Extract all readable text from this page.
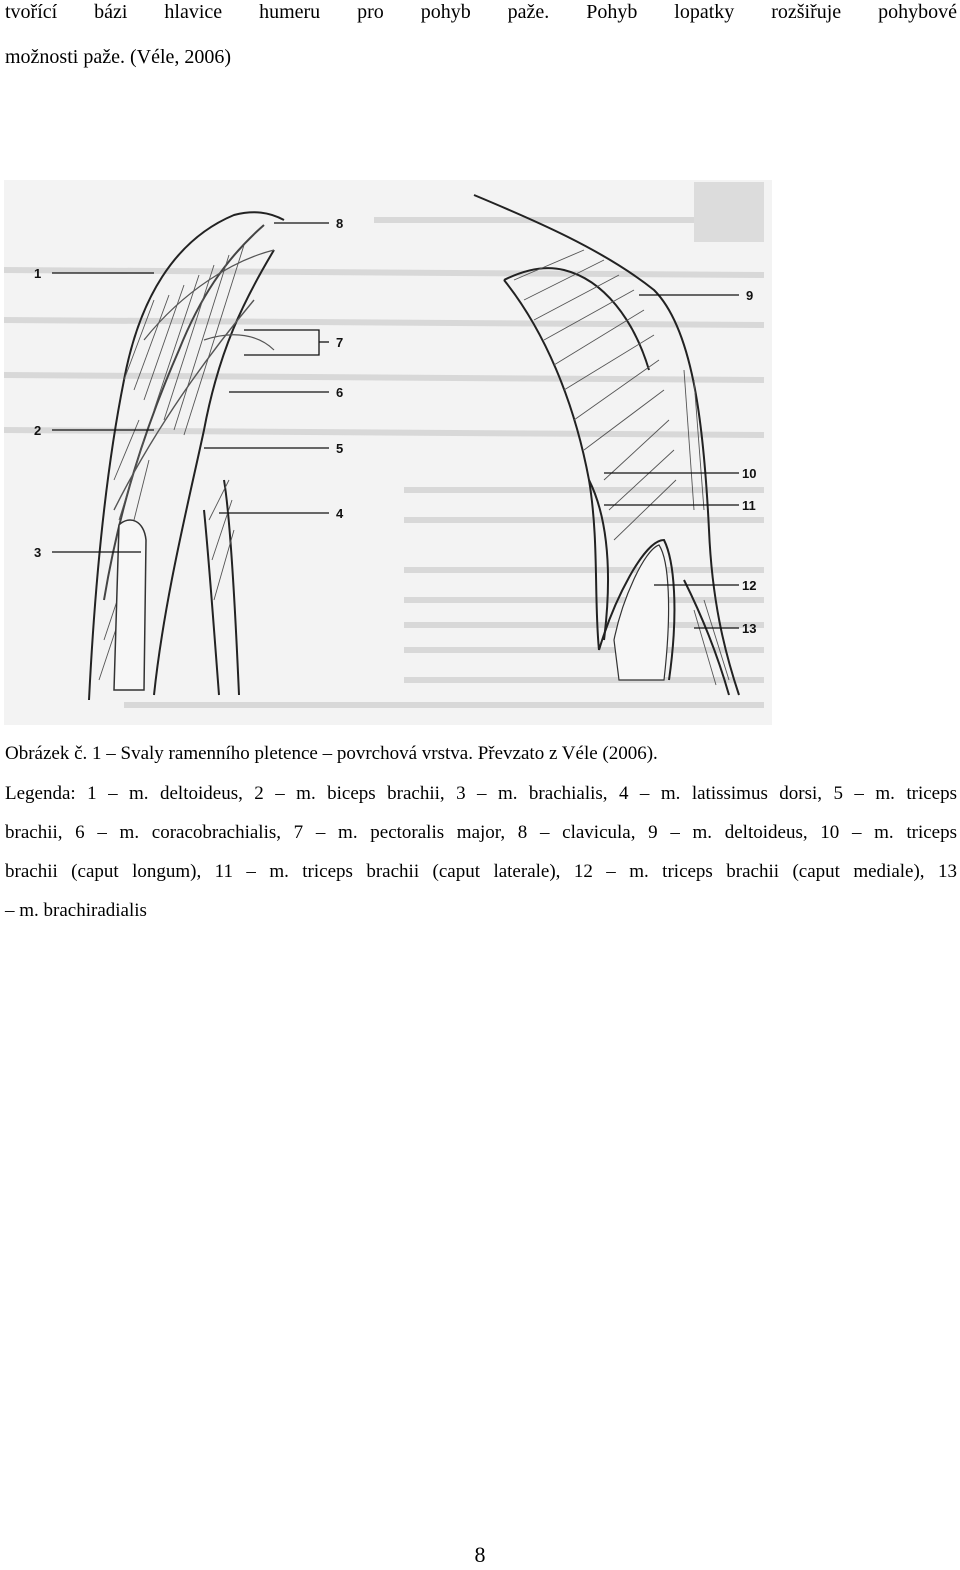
tvořící bázi hlavice humeru pro pohyb paže. Pohyb lopatky rozšiřuje pohybové
možnosti paže. (Véle, 2006)
1
2
3
4
5
6
7
8
9
10
11
12
13
Obrázek č. 1 – Svaly ramenního pletence – povrchová vrstva. Převzato z Véle (2006).
Legenda: 1 – m. deltoideus, 2 – m. biceps brachii, 3 – m. brachialis, 4 – m. latissimus dorsi, 5 – m. triceps
brachii, 6 – m. coracobrachialis, 7 – m. pectoralis major, 8 – clavicula, 9 – m. deltoideus, 10 – m. triceps
brachii (caput longum), 11 – m. triceps brachii (caput laterale), 12 – m. triceps brachii (caput mediale), 13
– m. brachiradialis
8
